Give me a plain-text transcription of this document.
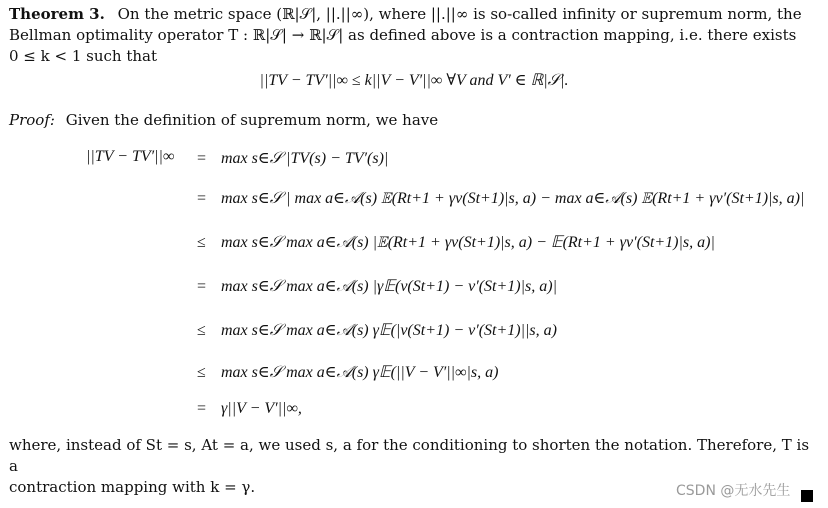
Theorem 3. On the metric space (ℝ|𝒮|, ||.||∞), where ||.||∞ is so-called infinity or supremum norm, the
Bellman optimality operator T : ℝ|𝒮| → ℝ|𝒮| as defined above is a contraction mapping, i.e. there exists
0 ≤ k < 1 such that
||TV − TV′||∞ ≤ k||V − V′||∞ ∀V and V′ ∈ ℝ|𝒮|.
Proof: Given the definition of supremum norm, we have
||TV − TV′||∞ = max s∈𝒮 |TV(s) − TV′(s)|
= max s∈𝒮 | max a∈𝒜(s) 𝔼(Rt+1 + γv(St+1)|s, a) − max a∈𝒜(s) 𝔼(Rt+1 + γv′(St+1)|s, a)|
≤ max s∈𝒮 max a∈𝒜(s) |𝔼(Rt+1 + γv(St+1)|s, a) − 𝔼(Rt+1 + γv′(St+1)|s, a)|
= max s∈𝒮 max a∈𝒜(s) |γ𝔼(v(St+1) − v′(St+1)|s, a)|
≤ max s∈𝒮 max a∈𝒜(s) γ𝔼(|v(St+1) − v′(St+1)||s, a)
≤ max s∈𝒮 max a∈𝒜(s) γ𝔼(||V − V′||∞|s, a)
= γ||V − V′||∞,
where, instead of St = s, At = a, we used s, a for the conditioning to shorten the notation. Therefore, T is a
contraction mapping with k = γ.	CSDN @无水先生
